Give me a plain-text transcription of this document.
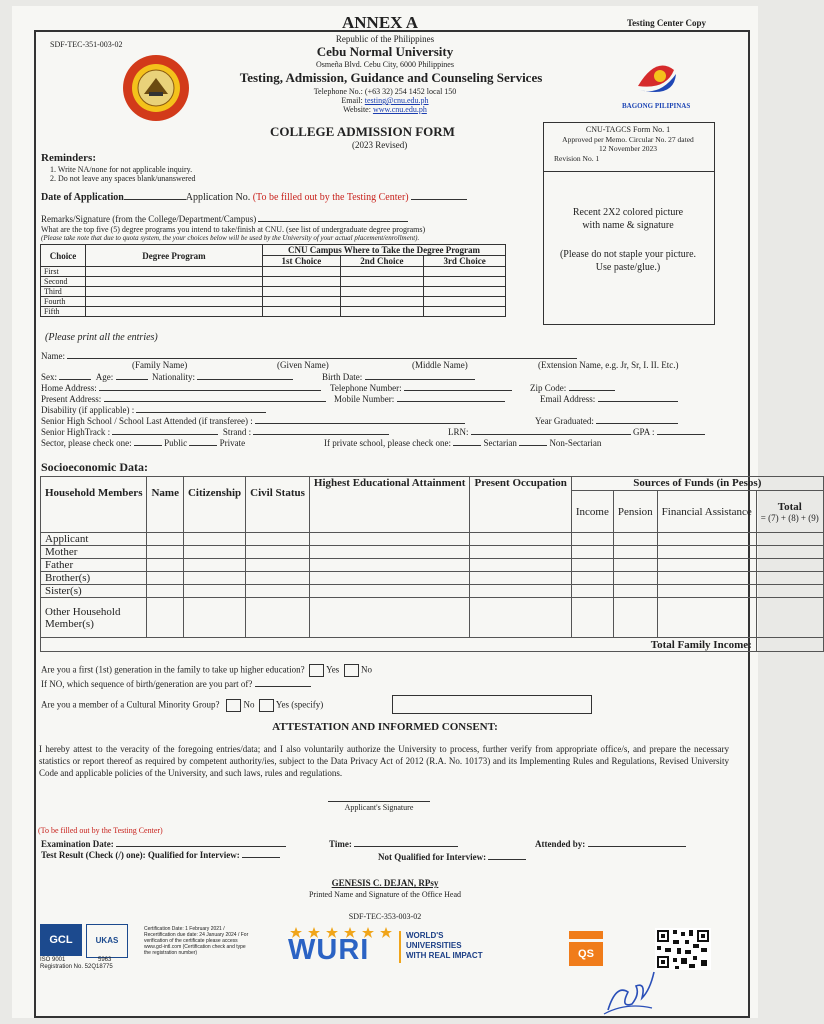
ANNEX A	Testing Center Copy
SDF-TEC-351-003-02
Republic of the Philippines
Cebu Normal University
Osmeña Blvd. Cebu City, 6000 Philippines
Testing, Admission, Guidance and Counseling Services
Telephone No.: (+63 32) 254 1452 local 150
Email: testing@cnu.edu.ph
Website: www.cnu.edu.ph	BAGONG PILIPINAS
COLLEGE ADMISSION FORM
(2023 Revised)
CNU-TAGCS Form No. 1
Approved per Memo. Circular No. 27 dated
12 November 2023
Revision No. 1
Recent 2X2 colored picture
with name & signature
(Please do not staple your picture.
Use paste/glue.)
Reminders:
1. Write NA/none for not applicable inquiry.
2. Do not leave any spaces blank/unanswered
Date of Application	Application No. (To be filled out by the Testing Center)
Remarks/Signature (from the College/Department/Campus)
What are the top five (5) degree programs you intend to take/finish at CNU. (see list of undergraduate degree programs)
(Please take note that due to quota system, the your choices below will be used by the University of your actual placement/enrollment).
Choice	Degree Program	CNU Campus Where to Take the Degree Program		
		1st Choice	2nd Choice	3rd Choice
First				
Second				
Third				
Fourth				
Fifth				
(Please print all the entries)
Name:
(Family Name)	(Given Name)	(Middle Name)	(Extension Name, e.g. Jr, Sr, I. II. Etc.)
Sex:	Age:	Nationality:	Birth Date:
Home Address:	Telephone Number:	Zip Code:
Present Address:	Mobile Number:	Email Address:
Disability (if applicable) :
Senior High School / School Last Attended (if transferee) :	Year Graduated:
Senior HighTrack :	Strand :	LRN:	GPA :
Sector, please check one:	Public	Private	If private school, please check one:	Sectarian	Non-Sectarian
Socioeconomic Data:
Household Members	Name	Citizenship	Civil Status	Highest Educational Attainment	Present Occupation	Sources of Funds (in Pesos)			
						Income	Pension	Financial Assistance	Total
= (7) + (8) + (9)

Applicant									
Mother									
Father									
Brother(s)									
Sister(s)									
Other Household Member(s)									
Total Family Income:									
Are you a first (1st) generation in the family to take up higher education? Yes No
If NO, which sequence of birth/generation are you part of?
Are you a member of a Cultural Minority Group?	No Yes (specify)
ATTESTATION AND INFORMED CONSENT:
I hereby attest to the veracity of the foregoing entries/data; and I also voluntarily authorize the University to process, further verify from appropriate office/s, and prepare the necessary statistics or report thereof as required by competent authority/ies, subject to the Data Privacy Act of 2012 (R.A. No. 10173) and its Implementing Rules and Regulations, Revised University Code and applicable policies of the University, and such laws, rules and regulations.
Applicant's Signature
(To be filled out by the Testing Center)
Examination Date:	Time:	Attended by:
Test Result (Check (/) one): Qualified for Interview:	Not Qualified for Interview:
GENESIS C. DEJAN, RPsy
Printed Name and Signature of the Office Head
SDF-TEC-353-003-02
GCL	UKAS
ISO 9001	5963
Registration No. 52Q18775
Certification Date: 1 February 2021 / Recertification due date: 24 January 2024 / For verification of the certificate please access www.gcl-intl.com (Certification check and type the registration number)	WURI	WORLD'S
UNIVERSITIES
WITH REAL IMPACT	QS
